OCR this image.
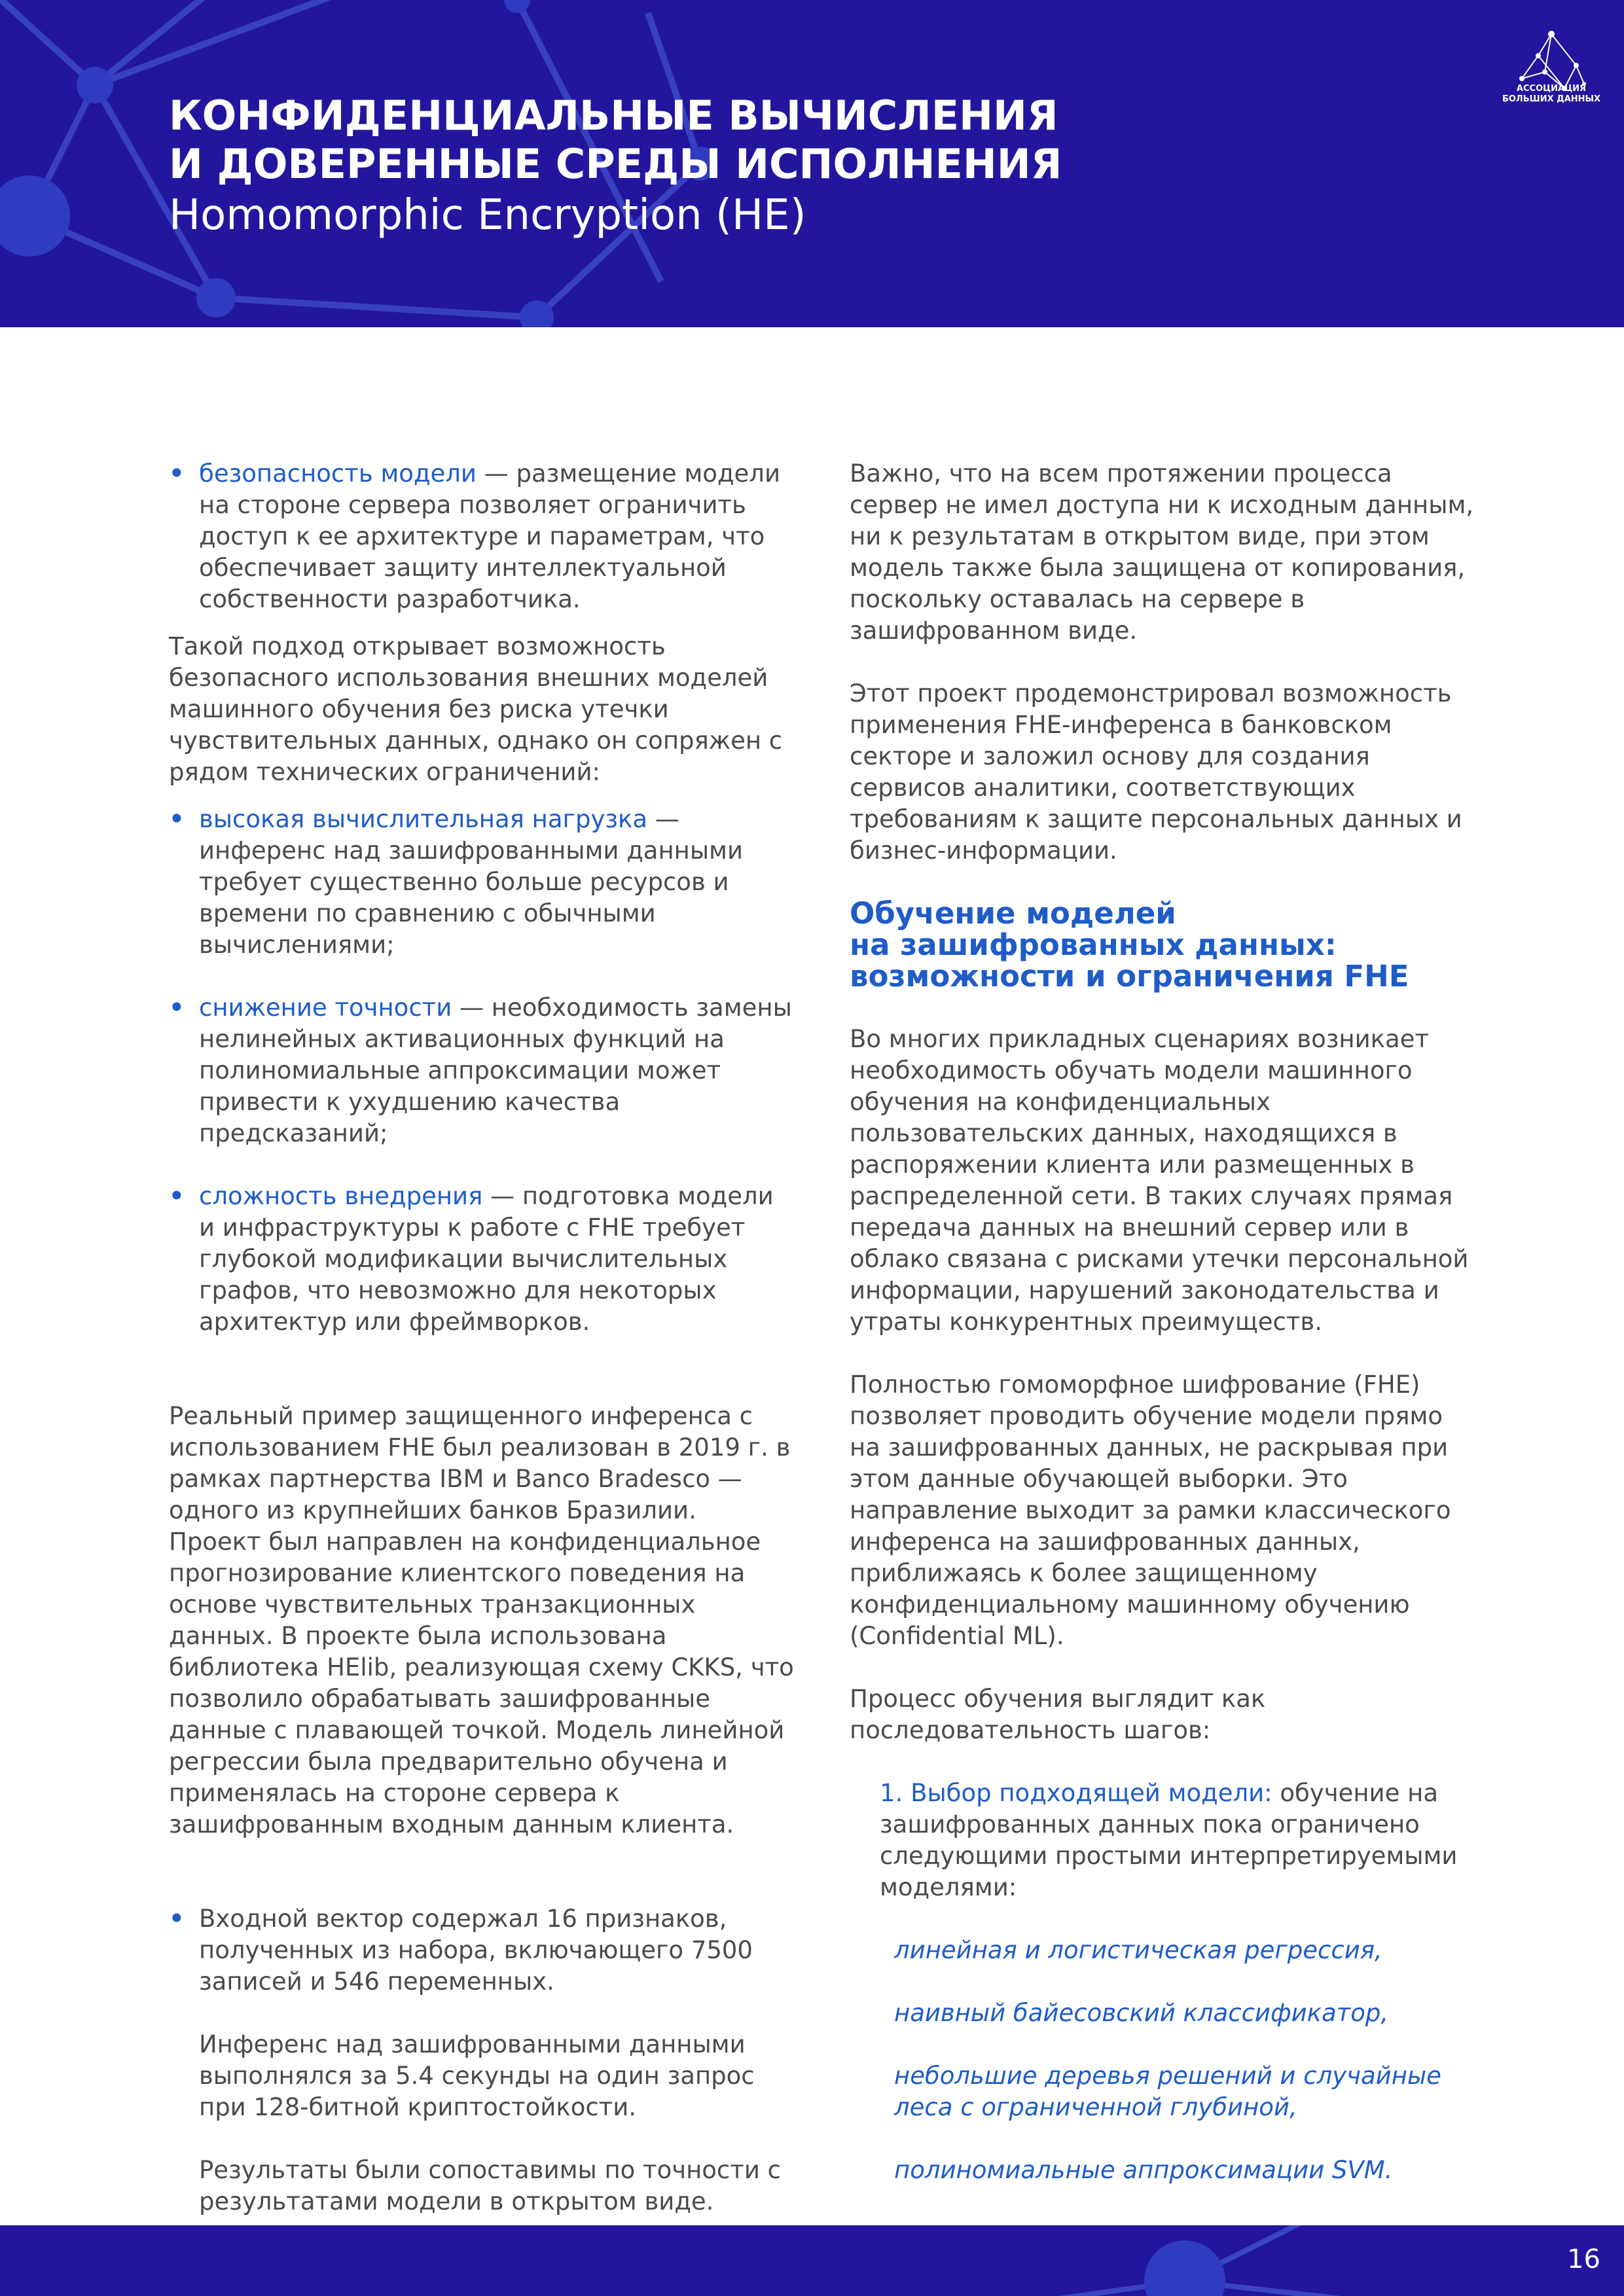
КОНФИДЕНЦИАЛЬНЫЕ ВЫЧИСЛЕНИЯ
И ДОВЕРЕННЫЕ СРЕДЫ ИСПОЛНЕНИЯ
Homomorphic Encryption (HE)
АССОЦИАЦИЯ
БОЛЬШИХ ДАННЫХ

• безопасность модели — размещение модели на стороне сервера позволяет ограничить доступ к ее архитектуре и параметрам, что обеспечивает защиту интеллектуальной собственности разработчика.

Такой подход открывает возможность безопасного использования внешних моделей машинного обучения без риска утечки чувствительных данных, однако он сопряжен с рядом технических ограничений:

• высокая вычислительная нагрузка — инференс над зашифрованными данными требует существенно больше ресурсов и времени по сравнению с обычными вычислениями;

• снижение точности — необходимость замены нелинейных активационных функций на полиномиальные аппроксимации может привести к ухудшению качества предсказаний;

• сложность внедрения — подготовка модели и инфраструктуры к работе с FHE требует глубокой модификации вычислительных графов, что невозможно для некоторых архитектур или фреймворков.

Реальный пример защищенного инференса с использованием FHE был реализован в 2019 г. в рамках партнерства IBM и Banco Bradesco — одного из крупнейших банков Бразилии. Проект был направлен на конфиденциальное прогнозирование клиентского поведения на основе чувствительных транзакционных данных. В проекте была использована библиотека HElib, реализующая схему CKKS, что позволило обрабатывать зашифрованные данные с плавающей точкой. Модель линейной регрессии была предварительно обучена и применялась на стороне сервера к зашифрованным входным данным клиента.

• Входной вектор содержал 16 признаков, полученных из набора, включающего 7500 записей и 546 переменных.

Инференс над зашифрованными данными выполнялся за 5.4 секунды на один запрос при 128-битной криптостойкости.

Результаты были сопоставимы по точности с результатами модели в открытом виде.

Важно, что на всем протяжении процесса сервер не имел доступа ни к исходным данным, ни к результатам в открытом виде, при этом модель также была защищена от копирования, поскольку оставалась на сервере в зашифрованном виде.

Этот проект продемонстрировал возможность применения FHE-инференса в банковском секторе и заложил основу для создания сервисов аналитики, соответствующих требованиям к защите персональных данных и бизнес-информации.

Обучение моделей
на зашифрованных данных:
возможности и ограничения FHE

Во многих прикладных сценариях возникает необходимость обучать модели машинного обучения на конфиденциальных пользовательских данных, находящихся в распоряжении клиента или размещенных в распределенной сети. В таких случаях прямая передача данных на внешний сервер или в облако связана с рисками утечки персональной информации, нарушений законодательства и утраты конкурентных преимуществ.

Полностью гомоморфное шифрование (FHE) позволяет проводить обучение модели прямо на зашифрованных данных, не раскрывая при этом данные обучающей выборки. Это направление выходит за рамки классического инференса на зашифрованных данных, приближаясь к более защищенному конфиденциальному машинному обучению (Confidential ML).

Процесс обучения выглядит как последовательность шагов:

1. Выбор подходящей модели: обучение на зашифрованных данных пока ограничено следующими простыми интерпретируемыми моделями:

линейная и логистическая регрессия,

наивный байесовский классификатор,

небольшие деревья решений и случайные леса с ограниченной глубиной,

полиномиальные аппроксимации SVM.

16
